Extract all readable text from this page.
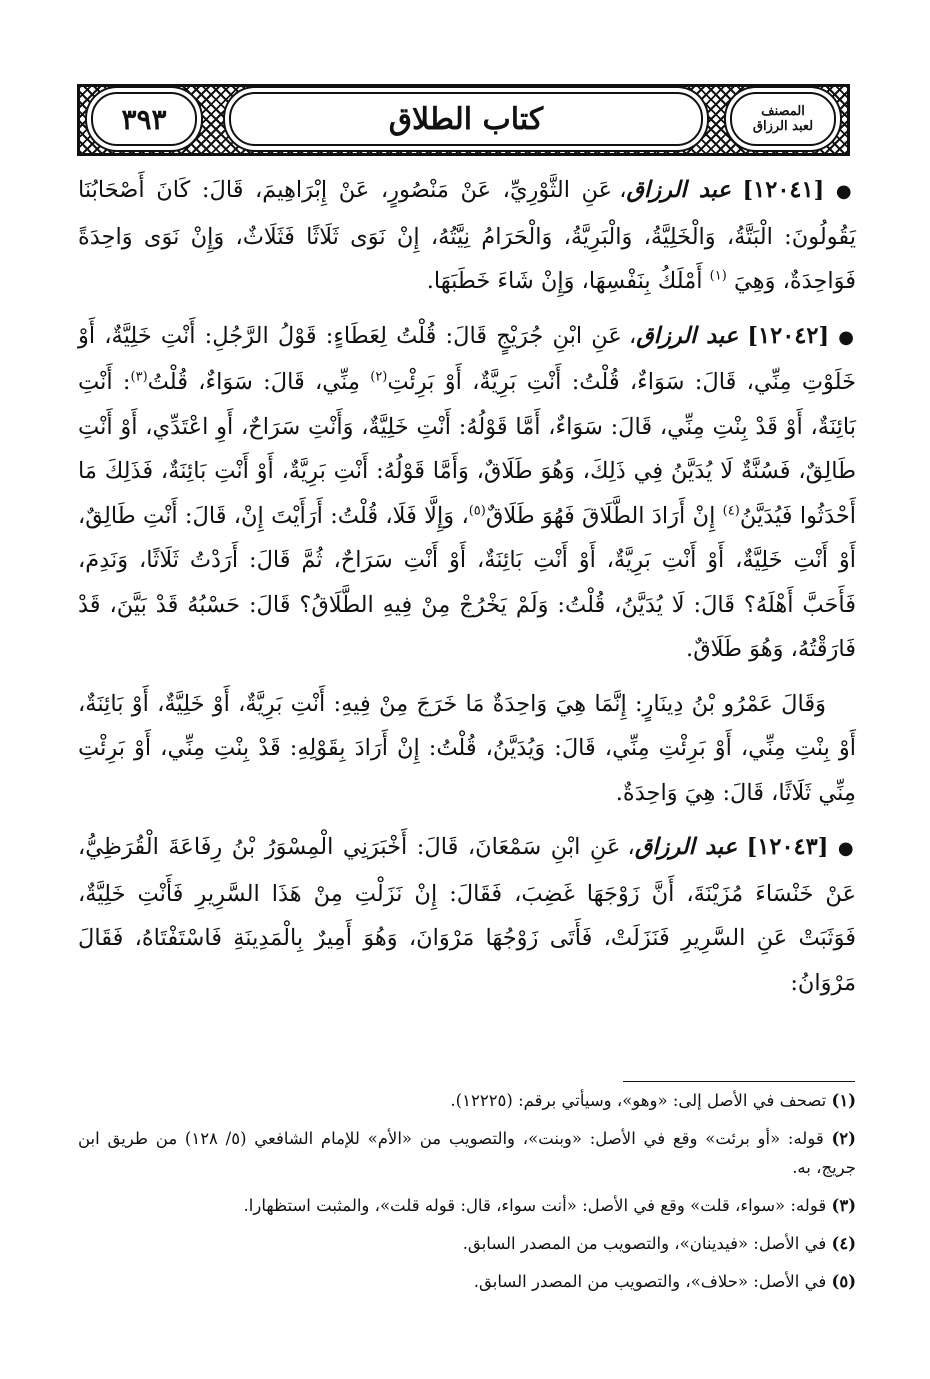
٣٩٣	كتاب الطلاق	المصنف
لعبد الرزاق

● [١٢٠٤١] عبد الرزاق، عَنِ الثَّوْرِيِّ، عَنْ مَنْصُورٍ، عَنْ إِبْرَاهِيمَ، قَالَ: كَانَ أَصْحَابُنَا يَقُولُونَ: الْبَتَّةُ، وَالْخَلِيَّةُ، وَالْبَرِيَّةُ، وَالْحَرَامُ نِيَّتُهُ، إِنْ نَوَى ثَلَاثًا فَثَلَاثٌ، وَإِنْ نَوَى وَاحِدَةً فَوَاحِدَةٌ، وَهِيَ $^{(١)}$ أَمْلَكُ بِنَفْسِهَا، وَإِنْ شَاءَ خَطَبَهَا.

● [١٢٠٤٢] عبد الرزاق، عَنِ ابْنِ جُرَيْجٍ قَالَ: قُلْتُ لِعَطَاءٍ: قَوْلُ الرَّجُلِ: أَنْتِ خَلِيَّةٌ، أَوْ خَلَوْتِ مِنِّي، قَالَ: سَوَاءٌ، قُلْتُ: أَنْتِ بَرِيَّةٌ، أَوْ بَرِئْتِ$^{(٢)}$ مِنِّي، قَالَ: سَوَاءٌ، قُلْتُ$^{(٣)}$: أَنْتِ بَائِنَةٌ، أَوْ قَدْ بِنْتِ مِنِّي، قَالَ: سَوَاءٌ، أَمَّا قَوْلُهُ: أَنْتِ خَلِيَّةٌ، وَأَنْتِ سَرَاحٌ، أَوِ اعْتَدِّي، أَوْ أَنْتِ طَالِقٌ، فَسُنَّةٌ لَا يُدَيَّنُ فِي ذَلِكَ، وَهُوَ طَلَاقٌ، وَأَمَّا قَوْلُهُ: أَنْتِ بَرِيَّةٌ، أَوْ أَنْتِ بَائِنَةٌ، فَذَلِكَ مَا أَحْدَثُوا فَيُدَيَّنُ$^{(٤)}$ إِنْ أَرَادَ الطَّلَاقَ فَهُوَ طَلَاقٌ$^{(٥)}$، وَإِلَّا فَلَا، قُلْتُ: أَرَأَيْتَ إِنْ، قَالَ: أَنْتِ طَالِقٌ، أَوْ أَنْتِ خَلِيَّةٌ، أَوْ أَنْتِ بَرِيَّةٌ، أَوْ أَنْتِ بَائِنَةٌ، أَوْ أَنْتِ سَرَاحٌ، ثُمَّ قَالَ: أَرَدْتُ ثَلَاثًا، وَنَدِمَ، فَأَحَبَّ أَهْلَهُ؟ قَالَ: لَا يُدَيَّنُ، قُلْتُ: وَلَمْ يَخْرُجْ مِنْ فِيهِ الطَّلَاقُ؟ قَالَ: حَسْبُهُ قَدْ بَيَّنَ، قَدْ فَارَقْتُهُ، وَهُوَ طَلَاقٌ.

وَقَالَ عَمْرُو بْنُ دِينَارٍ: إِنَّمَا هِيَ وَاحِدَةٌ مَا خَرَجَ مِنْ فِيهِ: أَنْتِ بَرِيَّةٌ، أَوْ خَلِيَّةٌ، أَوْ بَائِنَةٌ، أَوْ بِنْتِ مِنِّي، أَوْ بَرِئْتِ مِنِّي، قَالَ: وَيُدَيَّنُ، قُلْتُ: إِنْ أَرَادَ بِقَوْلِهِ: قَدْ بِنْتِ مِنِّي، أَوْ بَرِئْتِ مِنِّي ثَلَاثًا، قَالَ: هِيَ وَاحِدَةٌ.

● [١٢٠٤٣] عبد الرزاق، عَنِ ابْنِ سَمْعَانَ، قَالَ: أَخْبَرَنِي الْمِسْوَرُ بْنُ رِفَاعَةَ الْقُرَظِيُّ، عَنْ خَنْسَاءَ مُزَيْنَةَ، أَنَّ زَوْجَهَا غَضِبَ، فَقَالَ: إِنْ نَزَلْتِ مِنْ هَذَا السَّرِيرِ فَأَنْتِ خَلِيَّةٌ، فَوَثَبَتْ عَنِ السَّرِيرِ فَنَزَلَتْ، فَأَتَى زَوْجُهَا مَرْوَانَ، وَهُوَ أَمِيرٌ بِالْمَدِينَةِ فَاسْتَفْتَاهُ، فَقَالَ مَرْوَانُ:

(١) تصحف في الأصل إلى: «وهو»، وسيأتي برقم: (١٢٢٢٥).

(٢) قوله: «أو برئت» وقع في الأصل: «وبنت»، والتصويب من «الأم» للإمام الشافعي (٥/ ١٢٨) من طريق ابن جريج، به.

(٣) قوله: «سواء، قلت» وقع في الأصل: «أنت سواء، قال: قوله قلت»، والمثبت استظهارا.

(٤) في الأصل: «فيدينان»، والتصويب من المصدر السابق.

(٥) في الأصل: «حلاف»، والتصويب من المصدر السابق.
